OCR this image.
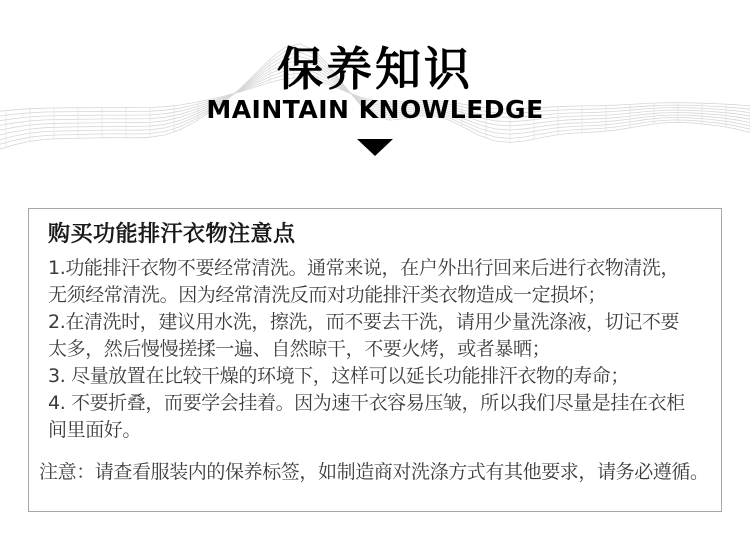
保养知识
MAINTAIN KNOWLEDGE
购买功能排汗衣物注意点
1.功能排汗衣物不要经常清洗。通常来说，在户外出行回来后进行衣物清洗，
无须经常清洗。因为经常清洗反而对功能排汗类衣物造成一定损坏；
2.在清洗时，建议用水洗，擦洗，而不要去干洗，请用少量洗涤液，切记不要
太多，然后慢慢搓揉一遍、自然晾干，不要火烤，或者暴晒；
3. 尽量放置在比较干燥的环境下，这样可以延长功能排汗衣物的寿命；
4. 不要折叠，而要学会挂着。因为速干衣容易压皱，所以我们尽量是挂在衣柜
间里面好。
注意：请查看服装内的保养标签，如制造商对洗涤方式有其他要求，请务必遵循。
